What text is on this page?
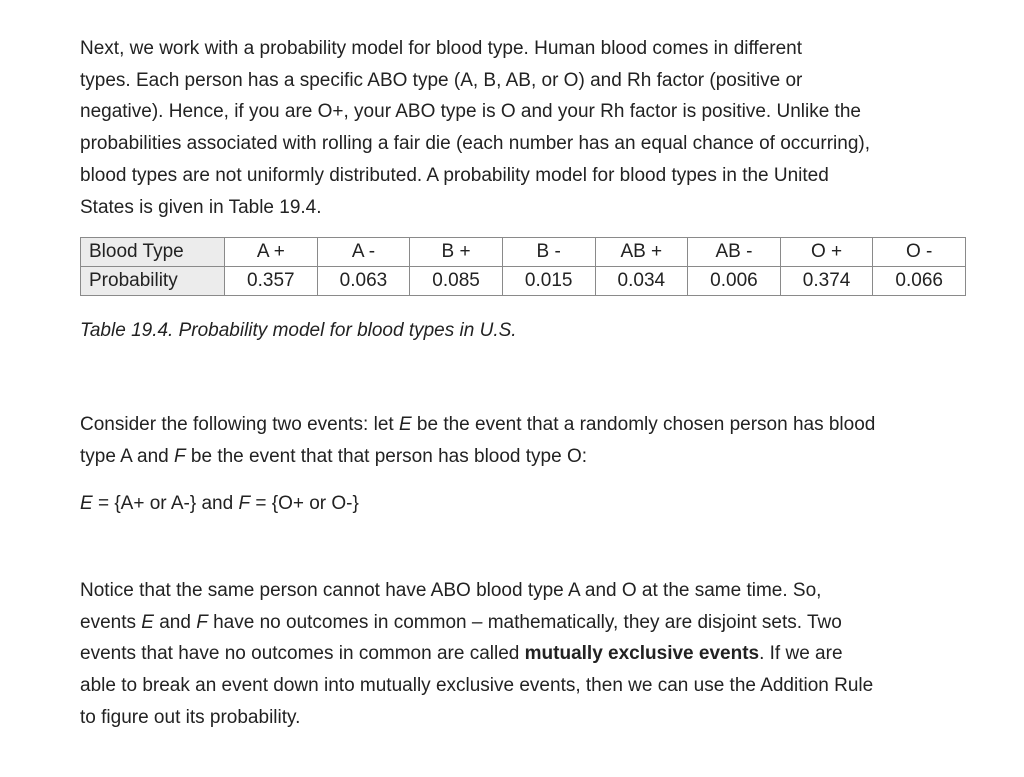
Next, we work with a probability model for blood type. Human blood comes in different
types. Each person has a specific ABO type (A, B, AB, or O) and Rh factor (positive or
negative). Hence, if you are O+, your ABO type is O and your Rh factor is positive. Unlike the
probabilities associated with rolling a fair die (each number has an equal chance of occurring),
blood types are not uniformly distributed. A probability model for blood types in the United
States is given in Table 19.4.

Blood Type	A +	A -	B +	B -	AB +	AB -	O +	O -
Probability	0.357	0.063	0.085	0.015	0.034	0.006	0.374	0.066

Table 19.4. Probability model for blood types in U.S.

Consider the following two events: let E be the event that a randomly chosen person has blood
type A and F be the event that that person has blood type O:

E = {A+ or A-} and F = {O+ or O-}

Notice that the same person cannot have ABO blood type A and O at the same time. So,
events E and F have no outcomes in common – mathematically, they are disjoint sets. Two
events that have no outcomes in common are called mutually exclusive events. If we are
able to break an event down into mutually exclusive events, then we can use the Addition Rule
to figure out its probability.
